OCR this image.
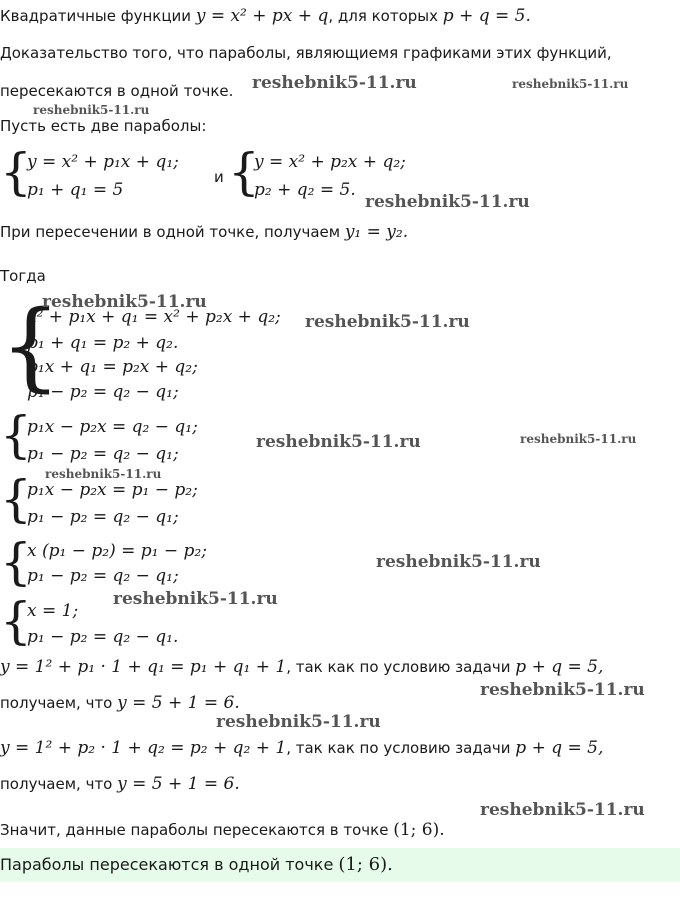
Квадратичные функции y = x² + px + q, для которых p + q = 5.
Доказательство того, что параболы, являющиемя графиками этих функций,
пересекаются в одной точке.
Пусть есть две параболы:
{
y = x² + p₁x + q₁;
p₁ + q₁ = 5
и {
y = x² + p₂x + q₂;
p₂ + q₂ = 5.
При пересечении в одной точке, получаем y₁ = y₂.
Тогда
{
x² + p₁x + q₁ = x² + p₂x + q₂;
p₁ + q₁ = p₂ + q₂.
p₁x + q₁ = p₂x + q₂;
p₁ − p₂ = q₂ − q₁;
{
p₁x − p₂x = q₂ − q₁;
p₁ − p₂ = q₂ − q₁;
{
p₁x − p₂x = p₁ − p₂;
p₁ − p₂ = q₂ − q₁;
{
x (p₁ − p₂) = p₁ − p₂;
p₁ − p₂ = q₂ − q₁;
{
x = 1;
p₁ − p₂ = q₂ − q₁.
y = 1² + p₁ · 1 + q₁ = p₁ + q₁ + 1, так как по условию задачи p + q = 5,
получаем, что y = 5 + 1 = 6.
y = 1² + p₂ · 1 + q₂ = p₂ + q₂ + 1, так как по условию задачи p + q = 5,
получаем, что y = 5 + 1 = 6.
Значит, данные параболы пересекаются в точке (1; 6).
Параболы пересекаются в одной точке (1; 6).
reshebnik5-11.ru	reshebnik5-11.ru
reshebnik5-11.ru
reshebnik5-11.ru
reshebnik5-11.ru
reshebnik5-11.ru
reshebnik5-11.ru	reshebnik5-11.ru
reshebnik5-11.ru
reshebnik5-11.ru
reshebnik5-11.ru
reshebnik5-11.ru
reshebnik5-11.ru
reshebnik5-11.ru
